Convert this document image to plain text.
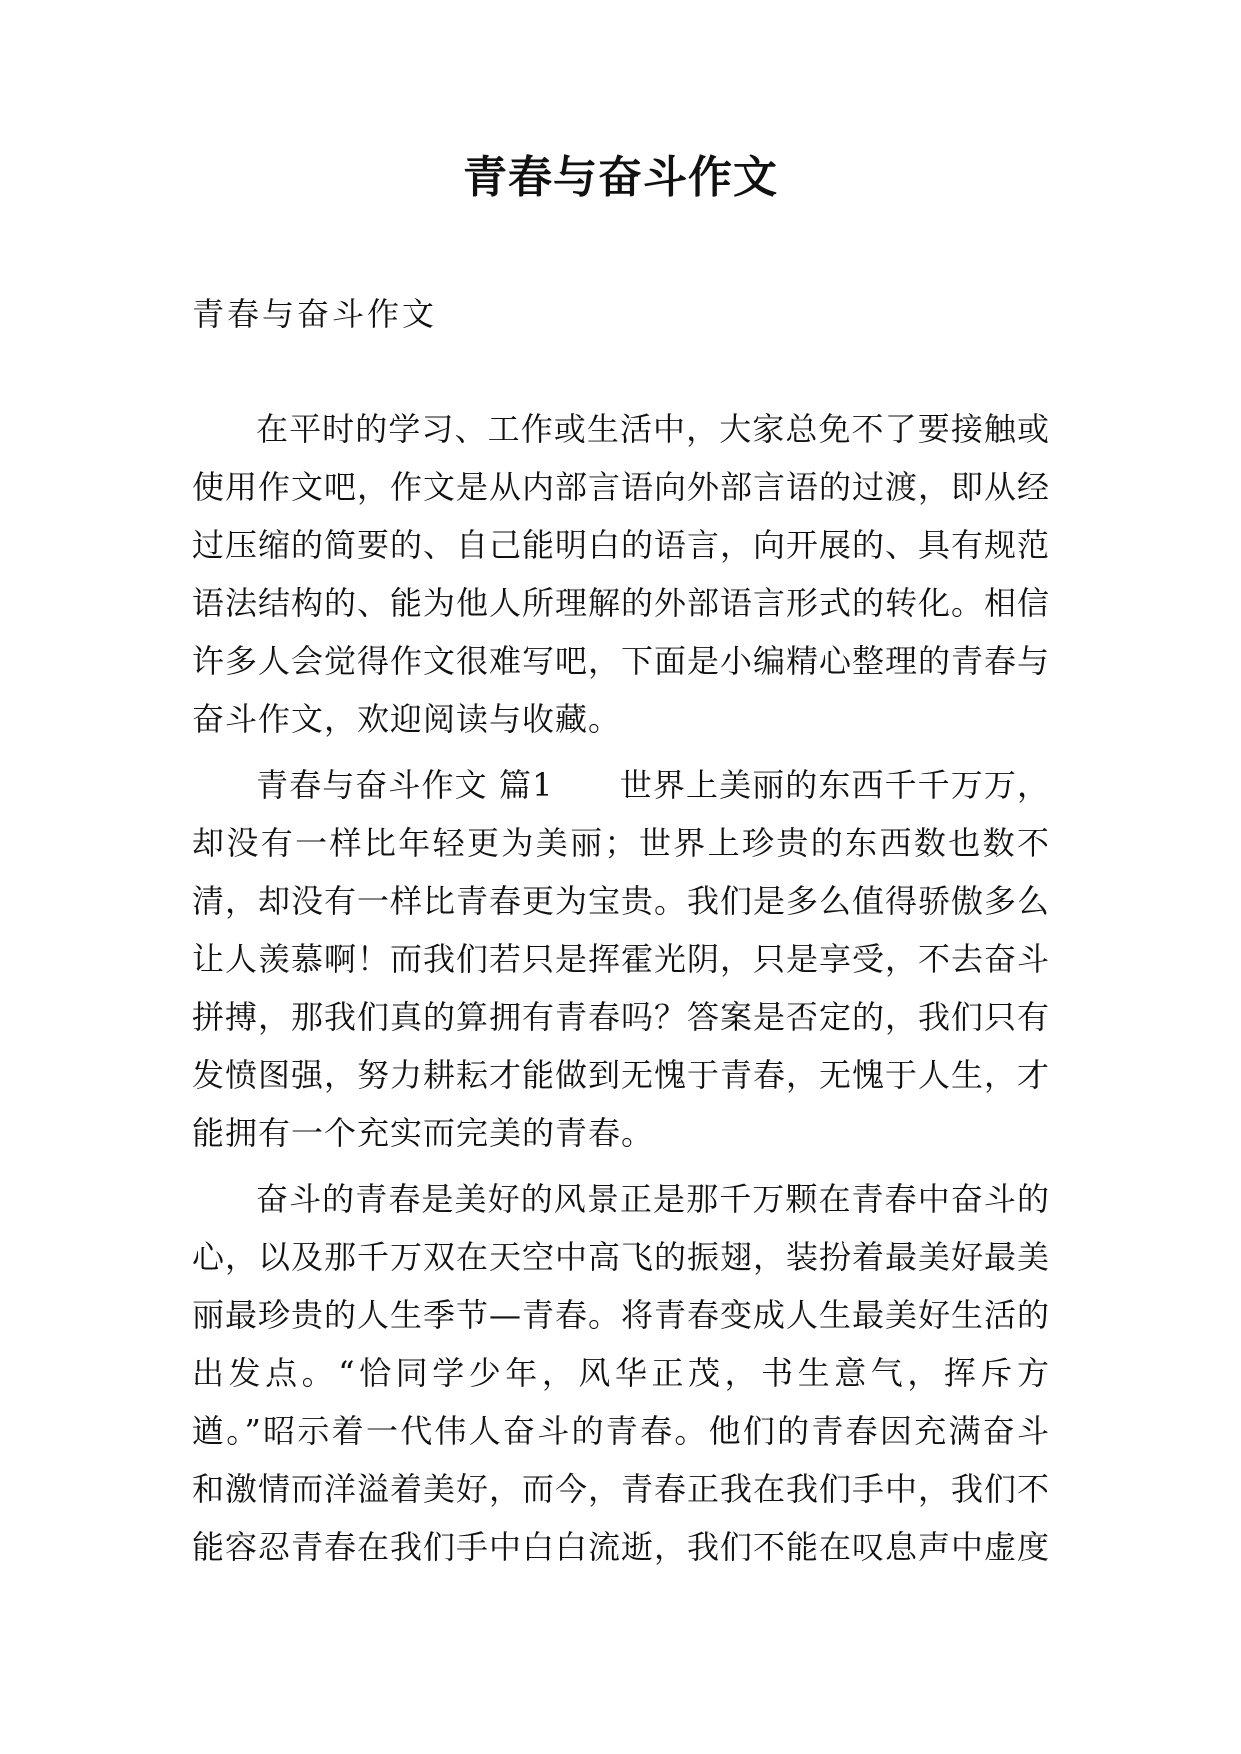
青春与奋斗作文
青春与奋斗作文

在平时的学习、工作或生活中，大家总免不了要接触或使用作文吧，作文是从内部言语向外部言语的过渡，即从经过压缩的简要的、自己能明白的语言，向开展的、具有规范语法结构的、能为他人所理解的外部语言形式的转化。相信许多人会觉得作文很难写吧，下面是小编精心整理的青春与奋斗作文，欢迎阅读与收藏。

青春与奋斗作文 篇1　　世界上美丽的东西千千万万，却没有一样比年轻更为美丽；世界上珍贵的东西数也数不清，却没有一样比青春更为宝贵。我们是多么值得骄傲多么让人羡慕啊！而我们若只是挥霍光阴，只是享受，不去奋斗拼搏，那我们真的算拥有青春吗？答案是否定的，我们只有发愤图强，努力耕耘才能做到无愧于青春，无愧于人生，才能拥有一个充实而完美的青春。

奋斗的青春是美好的风景正是那千万颗在青春中奋斗的心，以及那千万双在天空中高飞的振翅，装扮着最美好最美丽最珍贵的人生季节—青春。将青春变成人生最美好生活的出发点。“恰同学少年，风华正茂，书生意气，挥斥方遒。”昭示着一代伟人奋斗的青春。他们的青春因充满奋斗和激情而洋溢着美好，而今，青春正我在我们手中，我们不能容忍青春在我们手中白白流逝，我们不能在叹息声中虚度
